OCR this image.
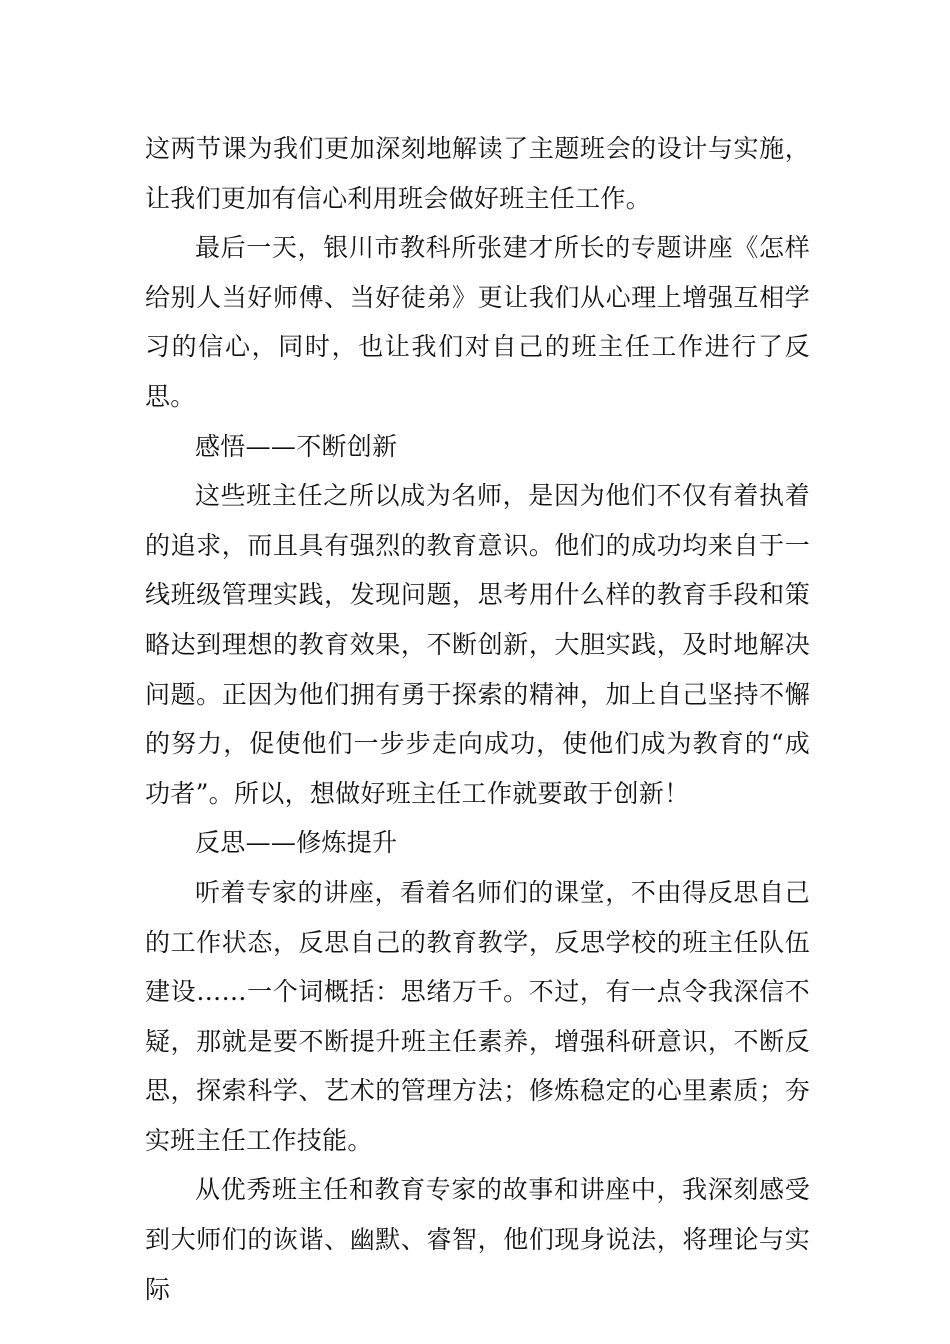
这两节课为我们更加深刻地解读了主题班会的设计与实施，让我们更加有信心利用班会做好班主任工作。

最后一天，银川市教科所张建才所长的专题讲座《怎样给别人当好师傅、当好徒弟》更让我们从心理上增强互相学习的信心，同时，也让我们对自己的班主任工作进行了反思。

感悟——不断创新

这些班主任之所以成为名师，是因为他们不仅有着执着的追求，而且具有强烈的教育意识。他们的成功均来自于一线班级管理实践，发现问题，思考用什么样的教育手段和策略达到理想的教育效果，不断创新，大胆实践，及时地解决问题。正因为他们拥有勇于探索的精神，加上自己坚持不懈的努力，促使他们一步步走向成功，使他们成为教育的“成功者”。所以，想做好班主任工作就要敢于创新！

反思——修炼提升

听着专家的讲座，看着名师们的课堂，不由得反思自己的工作状态，反思自己的教育教学，反思学校的班主任队伍建设……一个词概括：思绪万千。不过，有一点令我深信不疑，那就是要不断提升班主任素养，增强科研意识，不断反思，探索科学、艺术的管理方法；修炼稳定的心里素质；夯实班主任工作技能。

从优秀班主任和教育专家的故事和讲座中，我深刻感受到大师们的诙谐、幽默、睿智，他们现身说法，将理论与实际
